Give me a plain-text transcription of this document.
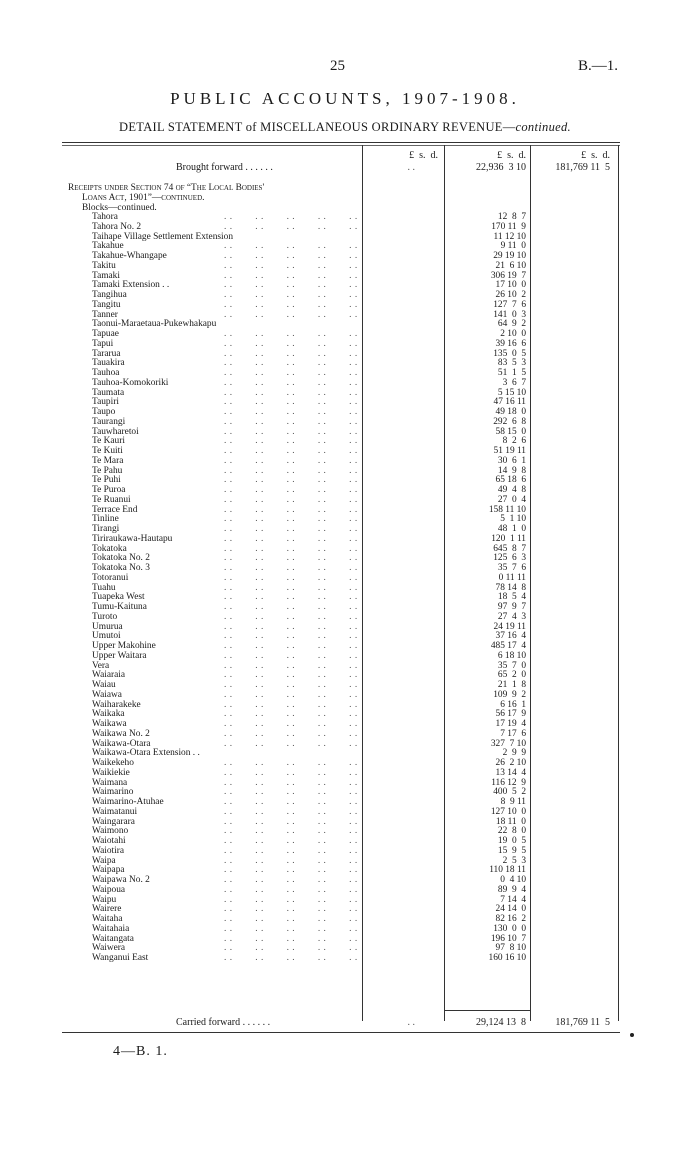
25	B.—1.
PUBLIC ACCOUNTS, 1907-1908.
DETAIL STATEMENT of MISCELLANEOUS ORDINARY REVENUE—continued.
£  s.  d.	£  s.  d.	£  s.  d.
Brought forward . . . . . .	. .	22,936  3 10	181,769 11  5
Receipts under Section 74 of “The Local Bodies'
Loans Act, 1901”—continued.
Blocks—continued.
Tahora	. .        . .        . .        . .        . .	12  8  7
Tahora No. 2	. .        . .        . .        . .        . .	170 11  9
Taihape Village Settlement Extension	11 12 10
Takahue	. .        . .        . .        . .        . .	9 11  0
Takahue-Whangape	. .        . .        . .        . .        . .	29 19 10
Takitu	. .        . .        . .        . .        . .	21  6 10
Tamaki	. .        . .        . .        . .        . .	306 19  7
Tamaki Extension . .	. .        . .        . .        . .        . .	17 10  0
Tangihua	. .        . .        . .        . .        . .	26 10  2
Tangitu	. .        . .        . .        . .        . .	127  7  6
Tanner	. .        . .        . .        . .        . .	141  0  3
Taonui-Maraetaua-Pukewhakapu	64  9  2
Tapuae	. .        . .        . .        . .        . .	2 10  0
Tapui	. .        . .        . .        . .        . .	39 16  6
Tararua	. .        . .        . .        . .        . .	135  0  5
Tauakira	. .        . .        . .        . .        . .	83  5  3
Tauhoa	. .        . .        . .        . .        . .	51  1  5
Tauhoa-Komokoriki	. .        . .        . .        . .        . .	3  6  7
Taumata	. .        . .        . .        . .        . .	5 15 10
Taupiri	. .        . .        . .        . .        . .	47 16 11
Taupo	. .        . .        . .        . .        . .	49 18  0
Taurangi	. .        . .        . .        . .        . .	292  6  8
Tauwharetoi	. .        . .        . .        . .        . .	58 15  0
Te Kauri	. .        . .        . .        . .        . .	8  2  6
Te Kuiti	. .        . .        . .        . .        . .	51 19 11
Te Mara	. .        . .        . .        . .        . .	30  6  1
Te Pahu	. .        . .        . .        . .        . .	14  9  8
Te Puhi	. .        . .        . .        . .        . .	65 18  6
Te Puroa	. .        . .        . .        . .        . .	49  4  8
Te Ruanui	. .        . .        . .        . .        . .	27  0  4
Terrace End	. .        . .        . .        . .        . .	158 11 10
Tinline	. .        . .        . .        . .        . .	5  1 10
Tirangi	. .        . .        . .        . .        . .	48  1  0
Tiriraukawa-Hautapu	. .        . .        . .        . .        . .	120  1 11
Tokatoka	. .        . .        . .        . .        . .	645  8  7
Tokatoka No. 2	. .        . .        . .        . .        . .	125  6  3
Tokatoka No. 3	. .        . .        . .        . .        . .	35  7  6
Totoranui	. .        . .        . .        . .        . .	0 11 11
Tuahu	. .        . .        . .        . .        . .	78 14  8
Tuapeka West	. .        . .        . .        . .        . .	18  5  4
Tumu-Kaituna	. .        . .        . .        . .        . .	97  9  7
Turoto	. .        . .        . .        . .        . .	27  4  3
Umurua	. .        . .        . .        . .        . .	24 19 11
Umutoi	. .        . .        . .        . .        . .	37 16  4
Upper Makohine	. .        . .        . .        . .        . .	485 17  4
Upper Waitara	. .        . .        . .        . .        . .	6 18 10
Vera	. .        . .        . .        . .        . .	35  7  0
Waiaraia	. .        . .        . .        . .        . .	65  2  0
Waiau	. .        . .        . .        . .        . .	21  1  8
Waiawa	. .        . .        . .        . .        . .	109  9  2
Waiharakeke	. .        . .        . .        . .        . .	6 16  1
Waikaka	. .        . .        . .        . .        . .	56 17  9
Waikawa	. .        . .        . .        . .        . .	17 19  4
Waikawa No. 2	. .        . .        . .        . .        . .	7 17  6
Waikawa-Otara	. .        . .        . .        . .        . .	327  7 10
Waikawa-Otara Extension . .	2  9  9
Waikekeho	. .        . .        . .        . .        . .	26  2 10
Waikiekie	. .        . .        . .        . .        . .	13 14  4
Waimana	. .        . .        . .        . .        . .	116 12  9
Waimarino	. .        . .        . .        . .        . .	400  5  2
Waimarino-Atuhae	. .        . .        . .        . .        . .	8  9 11
Waimatanui	. .        . .        . .        . .        . .	127 10  0
Waingarara	. .        . .        . .        . .        . .	18 11  0
Waimono	. .        . .        . .        . .        . .	22  8  0
Waiotahi	. .        . .        . .        . .        . .	19  0  5
Waiotira	. .        . .        . .        . .        . .	15  9  5
Waipa	. .        . .        . .        . .        . .	2  5  3
Waipapa	. .        . .        . .        . .        . .	110 18 11
Waipawa No. 2	. .        . .        . .        . .        . .	0  4 10
Waipoua	. .        . .        . .        . .        . .	89  9  4
Waipu	. .        . .        . .        . .        . .	7 14  4
Wairere	. .        . .        . .        . .        . .	24 14  0
Waitaha	. .        . .        . .        . .        . .	82 16  2
Waitahaia	. .        . .        . .        . .        . .	130  0  0
Waitangata	. .        . .        . .        . .        . .	196 10  7
Waiwera	. .        . .        . .        . .        . .	97  8 10
Wanganui East	. .        . .        . .        . .        . .	160 16 10
Carried forward . . . . . .	. .	29,124 13  8	181,769 11  5
4—B. 1.
